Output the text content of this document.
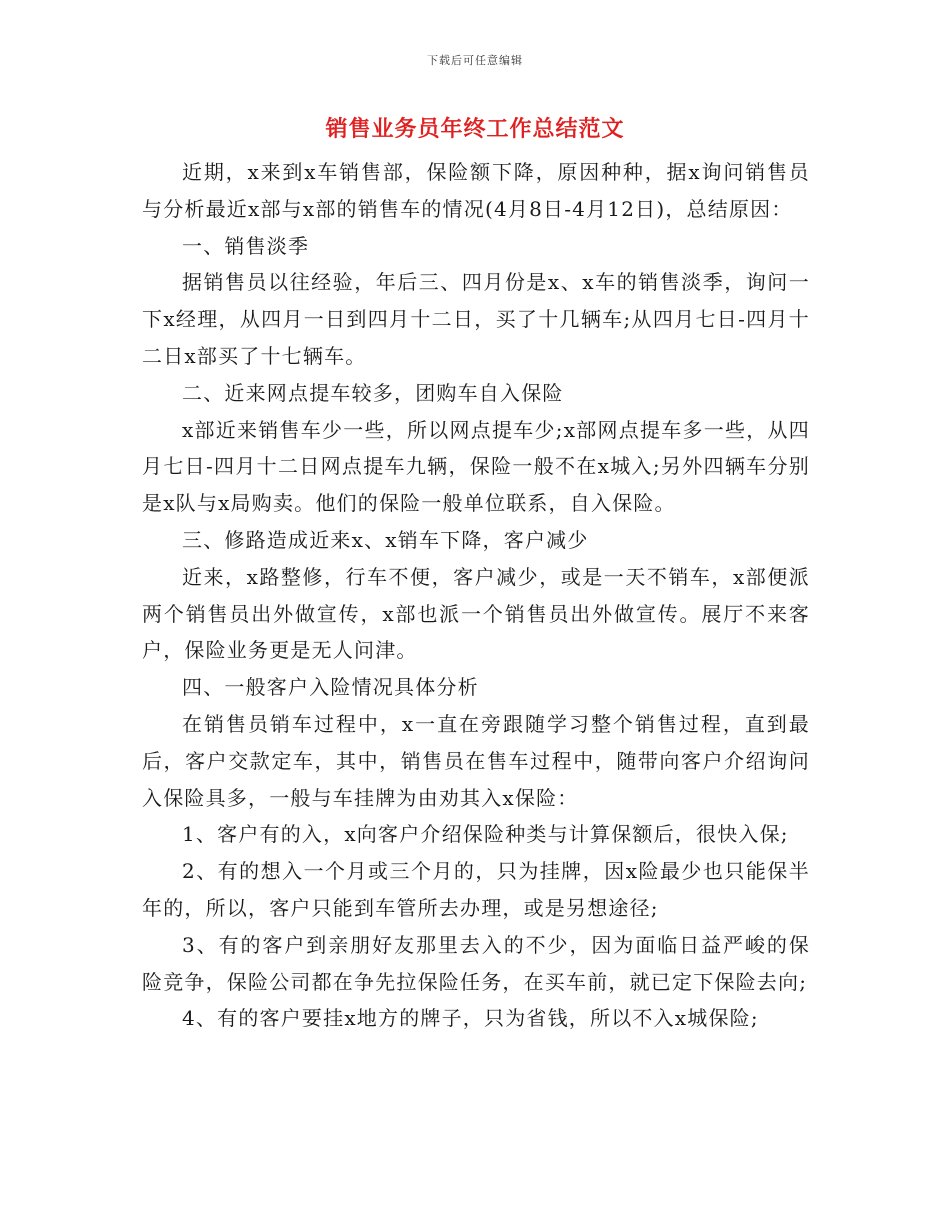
下载后可任意编辑
销售业务员年终工作总结范文

近期，x来到x车销售部，保险额下降，原因种种，据x询问销售员与分析最近x部与x部的销售车的情况(4月8日-4月12日)，总结原因：

一、销售淡季

据销售员以往经验，年后三、四月份是x、x车的销售淡季，询问一下x经理，从四月一日到四月十二日，买了十几辆车;从四月七日-四月十二日x部买了十七辆车。

二、近来网点提车较多，团购车自入保险

x部近来销售车少一些，所以网点提车少;x部网点提车多一些，从四月七日-四月十二日网点提车九辆，保险一般不在x城入;另外四辆车分别是x队与x局购卖。他们的保险一般单位联系，自入保险。

三、修路造成近来x、x销车下降，客户减少

近来，x路整修，行车不便，客户减少，或是一天不销车，x部便派两个销售员出外做宣传，x部也派一个销售员出外做宣传。展厅不来客户，保险业务更是无人问津。

四、一般客户入险情况具体分析

在销售员销车过程中，x一直在旁跟随学习整个销售过程，直到最后，客户交款定车，其中，销售员在售车过程中，随带向客户介绍询问入保险具多，一般与车挂牌为由劝其入x保险：

1、客户有的入，x向客户介绍保险种类与计算保额后，很快入保;

2、有的想入一个月或三个月的，只为挂牌，因x险最少也只能保半年的，所以，客户只能到车管所去办理，或是另想途径;

3、有的客户到亲朋好友那里去入的不少，因为面临日益严峻的保险竞争，保险公司都在争先拉保险任务，在买车前，就已定下保险去向;

4、有的客户要挂x地方的牌子，只为省钱，所以不入x城保险;
